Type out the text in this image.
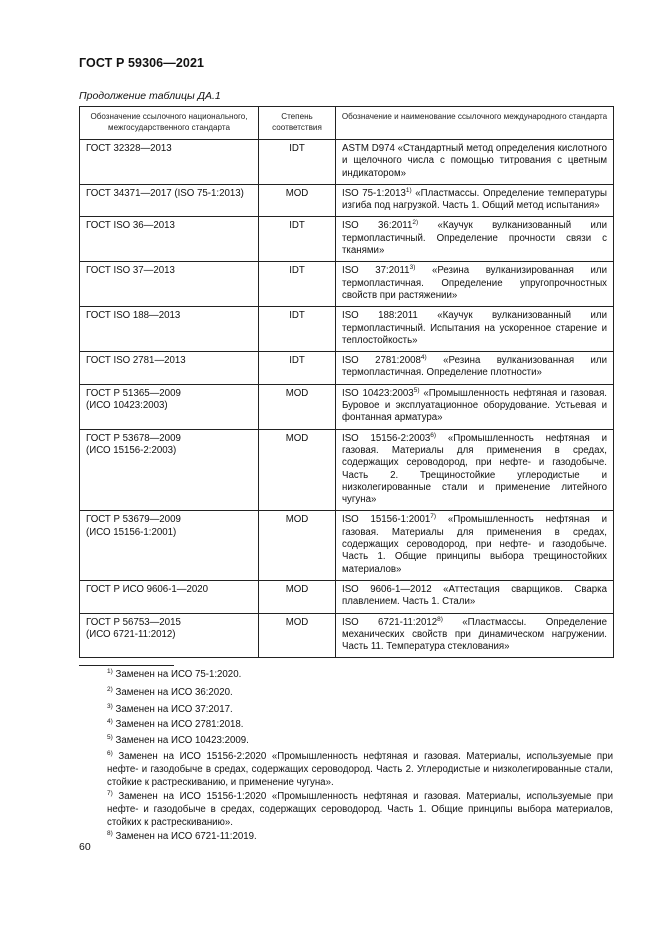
ГОСТ Р 59306—2021
Продолжение таблицы ДА.1
Обозначение ссылочного национального, межгосударственного стандарта	Степень соответствия	Обозначение и наименование ссылочного международного стандарта
ГОСТ 32328—2013	IDT	ASTM D974 «Стандартный метод определения кислотного и щелочного числа с помощью титрования с цветным индикатором»
ГОСТ 34371—2017 (ISO 75-1:2013)	MOD	ISO 75-1:2013$^{1)}$ «Пластмассы. Определение температуры изгиба под нагрузкой. Часть 1. Общий метод испытания»
ГОСТ ISO 36—2013	IDT	ISO 36:2011$^{2)}$ «Каучук вулканизованный или термопластичный. Определение прочности связи с тканями»
ГОСТ ISO 37—2013	IDT	ISO 37:2011$^{3)}$ «Резина вулканизированная или термопластичная. Определение упругопрочностных свойств при растяжении»
ГОСТ ISO 188—2013	IDT	ISO 188:2011 «Каучук вулканизованный или термопластичный. Испытания на ускоренное старение и теплостойкость»
ГОСТ ISO 2781—2013	IDT	ISO 2781:2008$^{4)}$ «Резина вулканизованная или термопластичная. Определение плотности»
ГОСТ Р 51365—2009
(ИСО 10423:2003)	MOD	ISO 10423:2003$^{5)}$ «Промышленность нефтяная и газовая. Буровое и эксплуатационное оборудование. Устьевая и фонтанная арматура»
ГОСТ Р 53678—2009
(ИСО 15156-2:2003)	MOD	ISO 15156-2:2003$^{6)}$ «Промышленность нефтяная и газовая. Материалы для применения в средах, содержащих сероводород, при нефте- и газодобыче. Часть 2. Трещиностойкие углеродистые и низколегированные стали и применение литейного чугуна»
ГОСТ Р 53679—2009
(ИСО 15156-1:2001)	MOD	ISO 15156-1:2001$^{7)}$ «Промышленность нефтяная и газовая. Материалы для применения в средах, содержащих сероводород, при нефте- и газодобыче. Часть 1. Общие принципы выбора трещиностойких материалов»
ГОСТ Р ИСО 9606-1—2020	MOD	ISO 9606-1—2012 «Аттестация сварщиков. Сварка плавлением. Часть 1. Стали»
ГОСТ Р 56753—2015
(ИСО 6721-11:2012)	MOD	ISO 6721-11:2012$^{8)}$ «Пластмассы. Определение механических свойств при динамическом нагружении. Часть 11. Температура стеклования»
$^{1)}$ Заменен на ИСО 75-1:2020.
$^{2)}$ Заменен на ИСО 36:2020.
$^{3)}$ Заменен на ИСО 37:2017.
$^{4)}$ Заменен на ИСО 2781:2018.
$^{5)}$ Заменен на ИСО 10423:2009.
$^{6)}$ Заменен на ИСО 15156-2:2020 «Промышленность нефтяная и газовая. Материалы, используемые при нефте- и газодобыче в средах, содержащих сероводород. Часть 2. Углеродистые и низколегированные стали, стойкие к растрескиванию, и применение чугуна».
$^{7)}$ Заменен на ИСО 15156-1:2020 «Промышленность нефтяная и газовая. Материалы, используемые при нефте- и газодобыче в средах, содержащих сероводород. Часть 1. Общие принципы выбора материалов, стойких к растрескиванию».
$^{8)}$ Заменен на ИСО 6721-11:2019.
60
